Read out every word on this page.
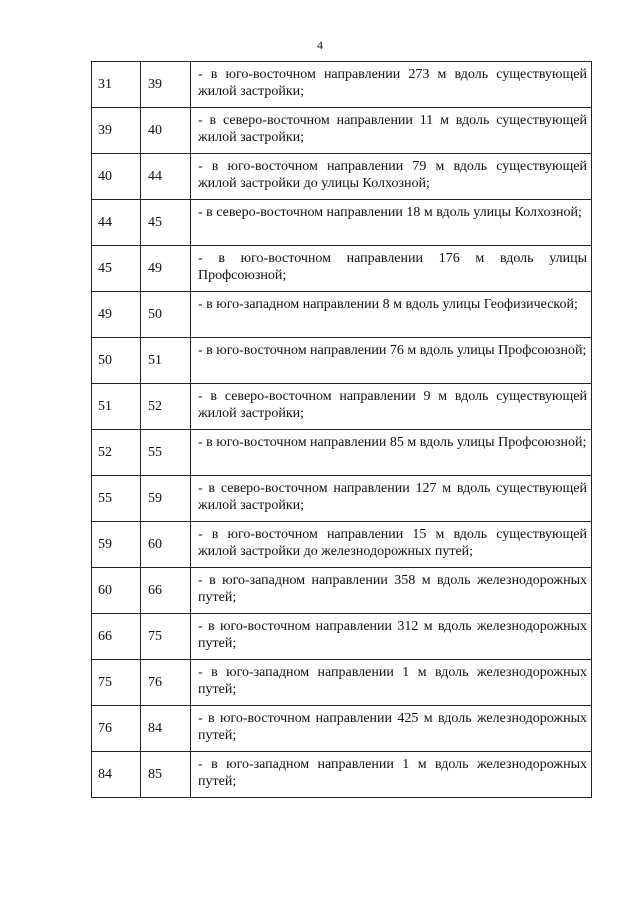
4
31	39	- в юго-восточном направлении 273 м вдоль существующей жилой застройки;
39	40	- в северо-восточном направлении 11 м вдоль существующей жилой застройки;
40	44	- в юго-восточном направлении 79 м вдоль существующей жилой застройки до улицы Колхозной;
44	45	- в северо-восточном направлении 18 м вдоль улицы Колхозной;
45	49	- в юго-восточном направлении 176 м вдоль улицы Профсоюзной;
49	50	- в юго-западном направлении 8 м вдоль улицы Геофизической;
50	51	- в юго-восточном направлении 76 м вдоль улицы Профсоюзной;
51	52	- в северо-восточном направлении 9 м вдоль существующей жилой застройки;
52	55	- в юго-восточном направлении 85 м вдоль улицы Профсоюзной;
55	59	- в северо-восточном направлении 127 м вдоль существующей жилой застройки;
59	60	- в юго-восточном направлении 15 м вдоль существующей жилой застройки до железнодорожных путей;
60	66	- в юго-западном направлении 358 м вдоль железнодорожных путей;
66	75	- в юго-восточном направлении 312 м вдоль железнодорожных путей;
75	76	- в юго-западном направлении 1 м вдоль железнодорожных путей;
76	84	- в юго-восточном направлении 425 м вдоль железнодорожных путей;
84	85	- в юго-западном направлении 1 м вдоль железнодорожных путей;
